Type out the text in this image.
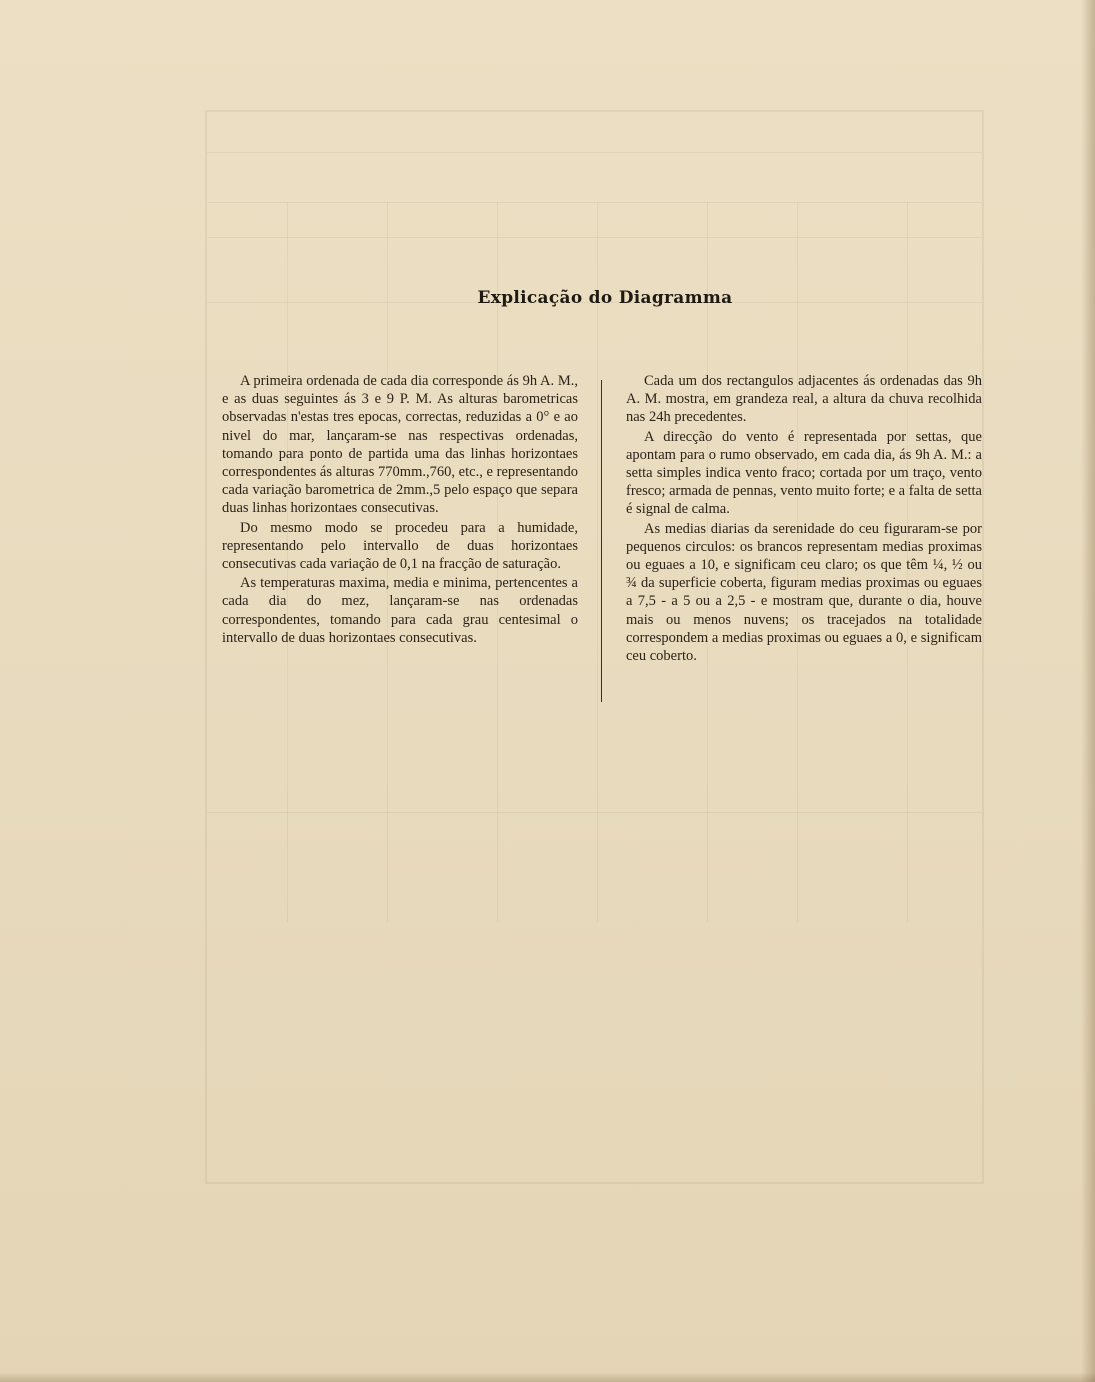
Explicação do Diagramma

A primeira ordenada de cada dia corresponde ás 9h A. M., e as duas seguintes ás 3 e 9 P. M. As alturas barometricas observadas n'estas tres epocas, correctas, reduzidas a 0° e ao nivel do mar, lançaram-se nas respectivas ordenadas, tomando para ponto de partida uma das linhas horizontaes correspondentes ás alturas 770mm.,760, etc., e representando cada variação barometrica de 2mm.,5 pelo espaço que separa duas linhas horizontaes consecutivas.

Do mesmo modo se procedeu para a humidade, representando pelo intervallo de duas horizontaes consecutivas cada variação de 0,1 na fracção de saturação.

As temperaturas maxima, media e minima, pertencentes a cada dia do mez, lançaram-se nas ordenadas correspondentes, tomando para cada grau centesimal o intervallo de duas horizontaes consecutivas.

Cada um dos rectangulos adjacentes ás ordenadas das 9h A. M. mostra, em grandeza real, a altura da chuva recolhida nas 24h precedentes.

A direcção do vento é representada por settas, que apontam para o rumo observado, em cada dia, ás 9h A. M.: a setta simples indica vento fraco; cortada por um traço, vento fresco; armada de pennas, vento muito forte; e a falta de setta é signal de calma.

As medias diarias da serenidade do ceu figuraram-se por pequenos circulos: os brancos representam medias proximas ou eguaes a 10, e significam ceu claro; os que têm ¼, ½ ou ¾ da superficie coberta, figuram medias proximas ou eguaes a 7,5 - a 5 ou a 2,5 - e mostram que, durante o dia, houve mais ou menos nuvens; os tracejados na totalidade correspondem a medias proximas ou eguaes a 0, e significam ceu coberto.
